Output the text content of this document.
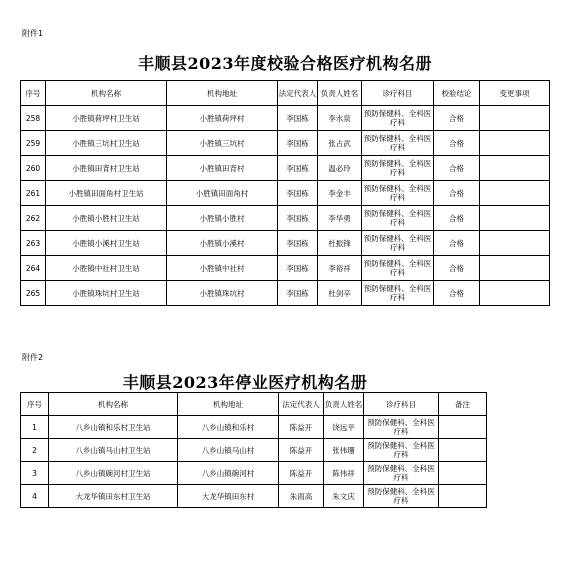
附件1
丰顺县2023年度校验合格医疗机构名册
序号	机构名称	机构地址	法定代表人	负责人姓名	诊疗科目	校验结论	变更事项
258	小胜镇荷坪村卫生站	小胜镇荷坪村	李国栋	李水泉	预防保健科、全科医疗科	合格	
259	小胜镇三坑村卫生站	小胜镇三坑村	李国栋	张占武	预防保健科、全科医疗科	合格	
260	小胜镇田背村卫生站	小胜镇田背村	李国栋	温必玲	预防保健科、全科医疗科	合格	
261	小胜镇田面角村卫生站	小胜镇田面角村	李国栋	李金丰	预防保健科、全科医疗科	合格	
262	小胜镇小胜村卫生站	小胜镇小胜村	李国栋	李华勇	预防保健科、全科医疗科	合格	
263	小胜镇小溪村卫生站	小胜镇小溪村	李国栋	杜振锋	预防保健科、全科医疗科	合格	
264	小胜镇中社村卫生站	小胜镇中社村	李国栋	李裕祥	预防保健科、全科医疗科	合格	
265	小胜镇珠坑村卫生站	小胜镇珠坑村	李国栋	杜剑辛	预防保健科、全科医疗科	合格	
附件2
丰顺县2023年停业医疗机构名册
序号	机构名称	机构地址	法定代表人	负责人姓名	诊疗科目	备注
1	八乡山镇和乐村卫生站	八乡山镇和乐村	陈益开	饶远平	预防保健科、全科医疗科	
2	八乡山镇马山村卫生站	八乡山镇马山村	陈益开	张伟珊	预防保健科、全科医疗科	
3	八乡山镇碗河村卫生站	八乡山镇碗河村	陈益开	陈伟祥	预防保健科、全科医疗科	
4	大龙华镇田东村卫生站	大龙华镇田东村	朱雨高	朱文庆	预防保健科、全科医疗科	
